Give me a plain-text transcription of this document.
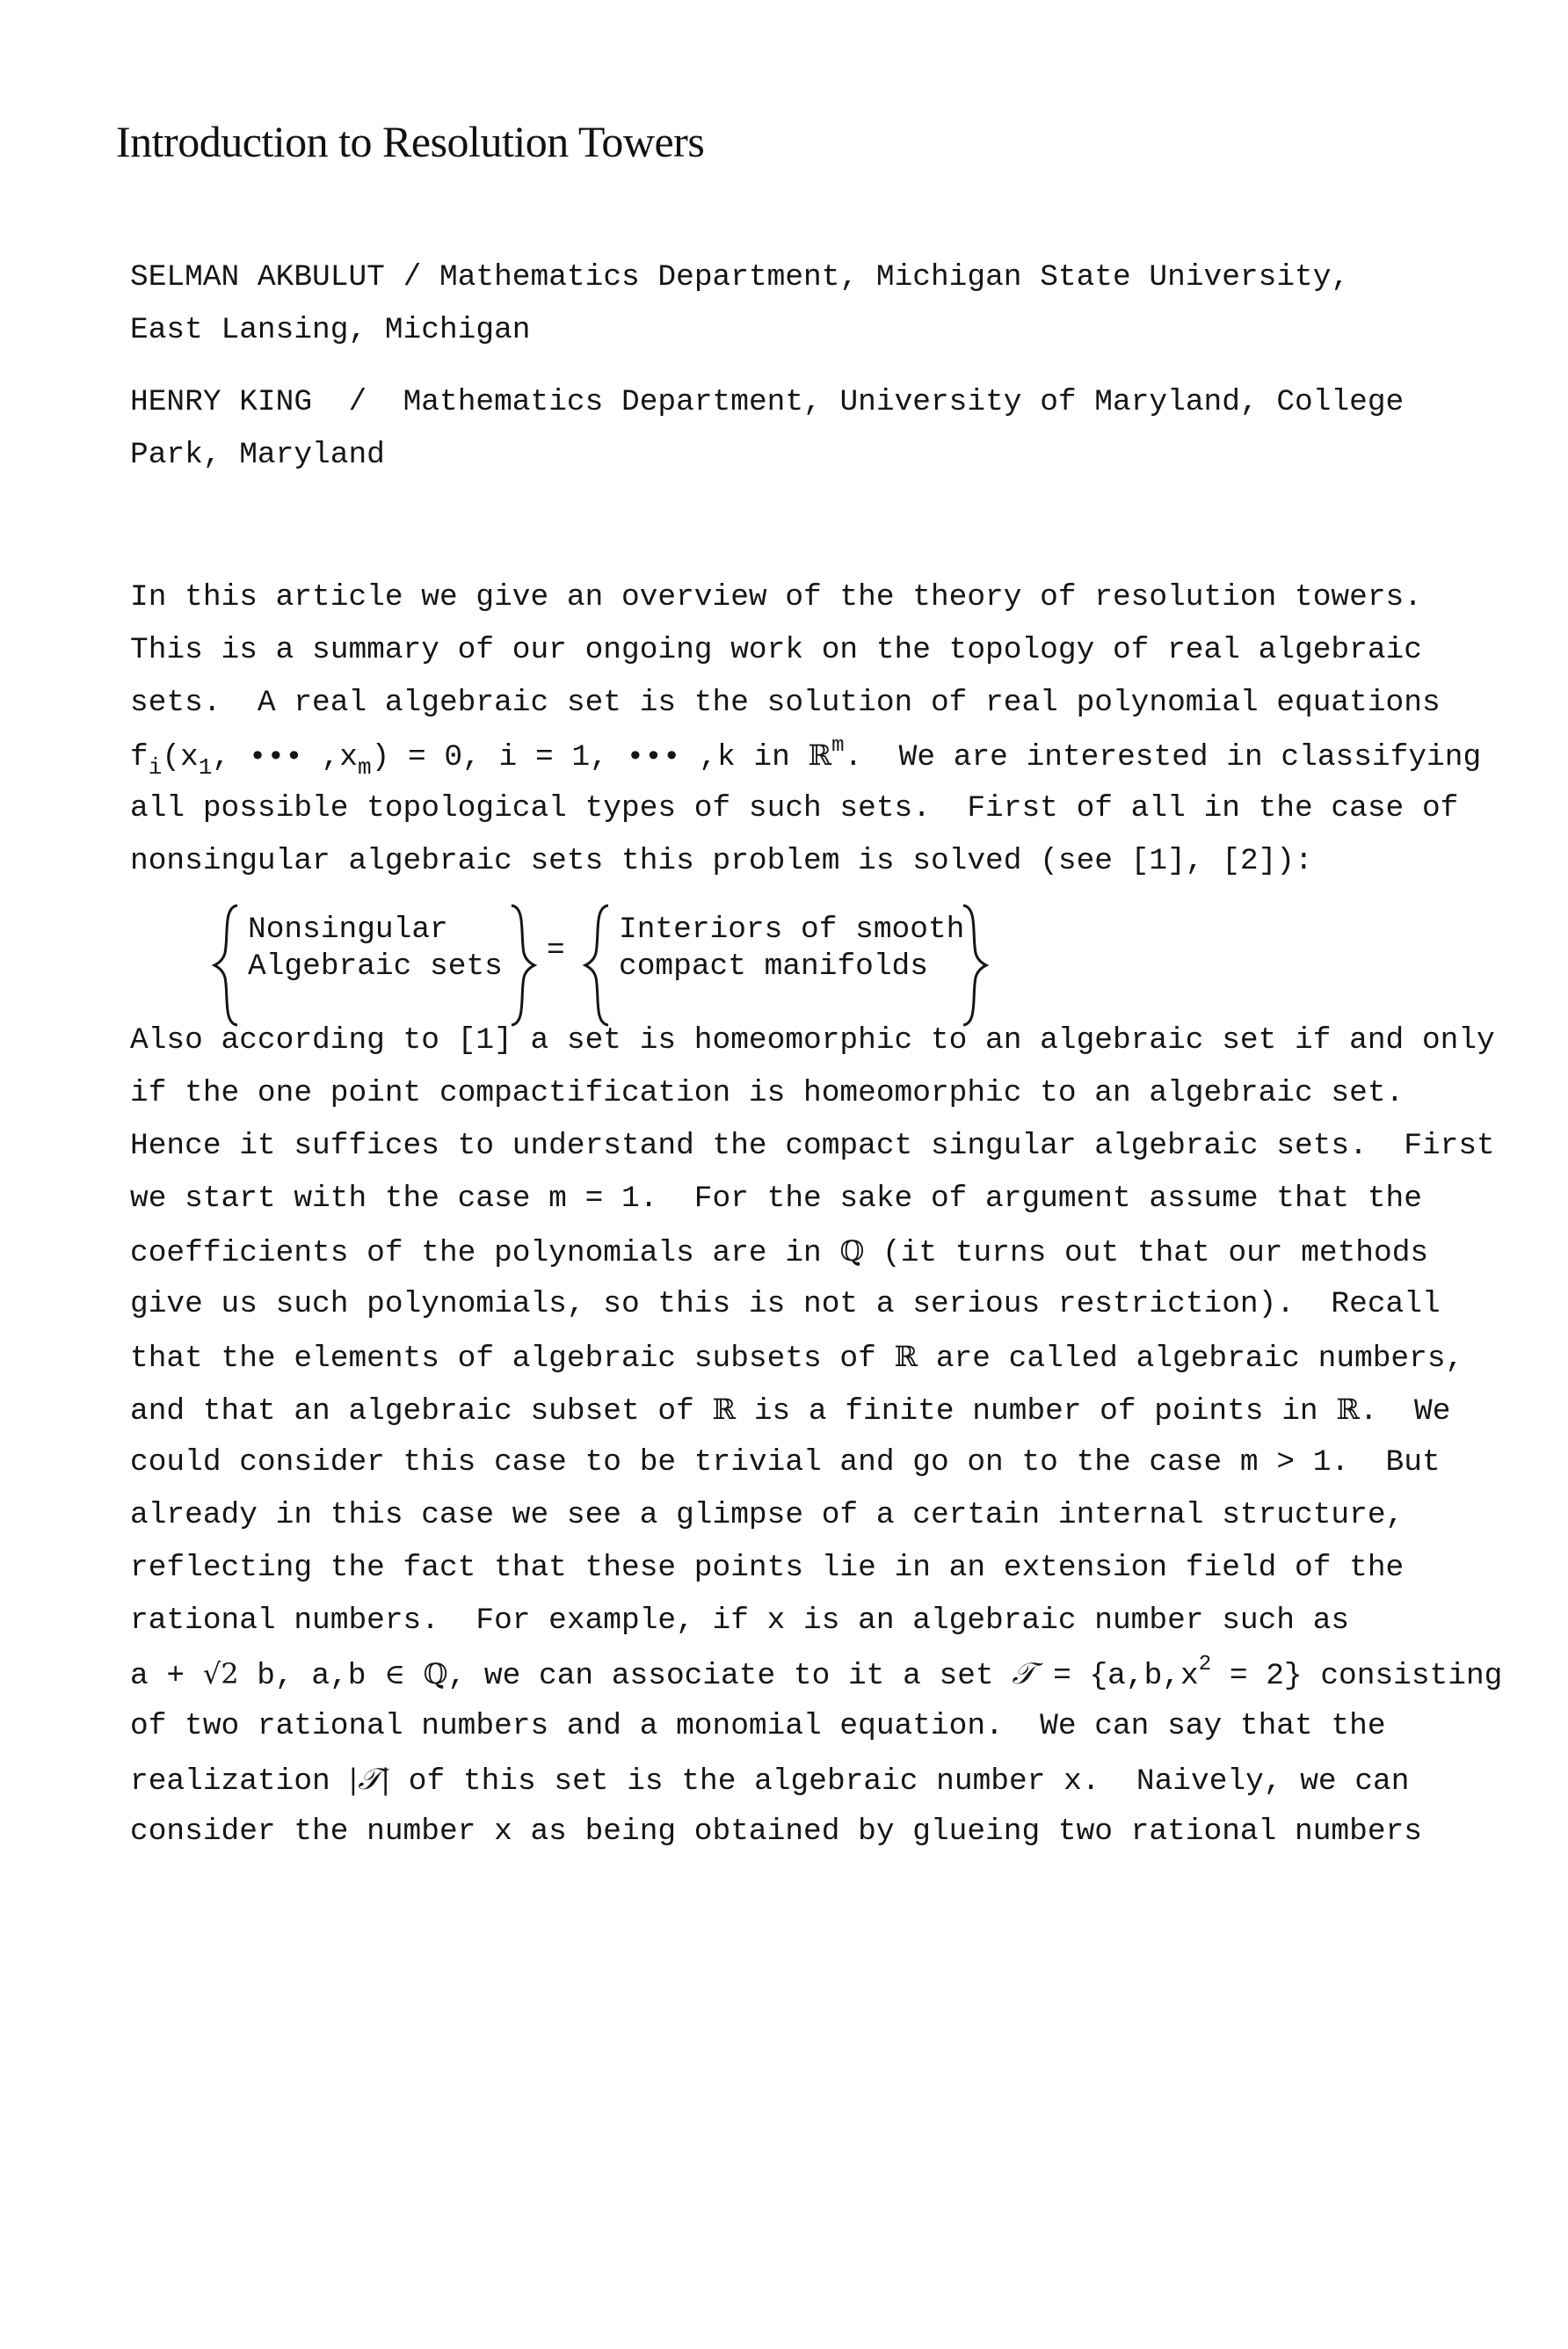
Introduction to Resolution Towers
SELMAN AKBULUT / Mathematics Department, Michigan State University,
East Lansing, Michigan
HENRY KING  /  Mathematics Department, University of Maryland, College
Park, Maryland
In this article we give an overview of the theory of resolution towers.
This is a summary of our ongoing work on the topology of real algebraic
sets.  A real algebraic set is the solution of real polynomial equations
$f_i(x_1$, ••• $,x_m) = 0$, i = 1, ••• ,k in ℝ$^m$. We are interested in classifying
all possible topological types of such sets.  First of all in the case of
nonsingular algebraic sets this problem is solved (see [1], [2]):
Nonsingular
Algebraic sets =
Interiors of smooth
compact manifolds
Also according to [1] a set is homeomorphic to an algebraic set if and only
if the one point compactification is homeomorphic to an algebraic set.
Hence it suffices to understand the compact singular algebraic sets.  First
we start with the case m = 1.  For the sake of argument assume that the
coefficients of the polynomials are in ℚ (it turns out that our methods
give us such polynomials, so this is not a serious restriction).  Recall
that the elements of algebraic subsets of ℝ are called algebraic numbers,
and that an algebraic subset of ℝ is a finite number of points in ℝ.  We
could consider this case to be trivial and go on to the case m > 1.  But
already in this case we see a glimpse of a certain internal structure,
reflecting the fact that these points lie in an extension field of the
rational numbers.  For example, if x is an algebraic number such as
a + √2 b, a,b ∈ ℚ, we can associate to it a set 𝒯 = $\{a,b,x^2 = 2\}$ consisting
of two rational numbers and a monomial equation.  We can say that the
realization |𝒯| of this set is the algebraic number x.  Naively, we can
consider the number x as being obtained by glueing two rational numbers
